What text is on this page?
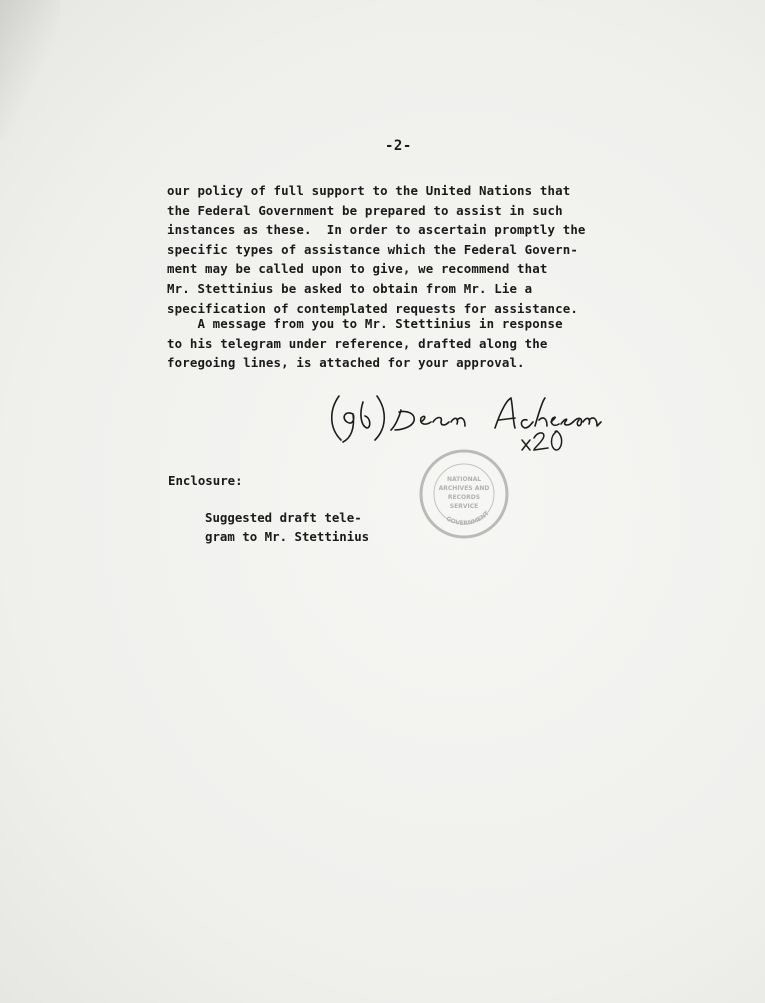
-2-
our policy of full support to the United Nations that
the Federal Government be prepared to assist in such
instances as these.  In order to ascertain promptly the
specific types of assistance which the Federal Govern-
ment may be called upon to give, we recommend that
Mr. Stettinius be asked to obtain from Mr. Lie a
specification of contemplated requests for assistance.
A message from you to Mr. Stettinius in response
to his telegram under reference, drafted along the
foregoing lines, is attached for your approval.
Enclosure:
Suggested draft tele-
gram to Mr. Stettinius
GOVERNMENT
NATIONAL
ARCHIVES AND
RECORDS
SERVICE
